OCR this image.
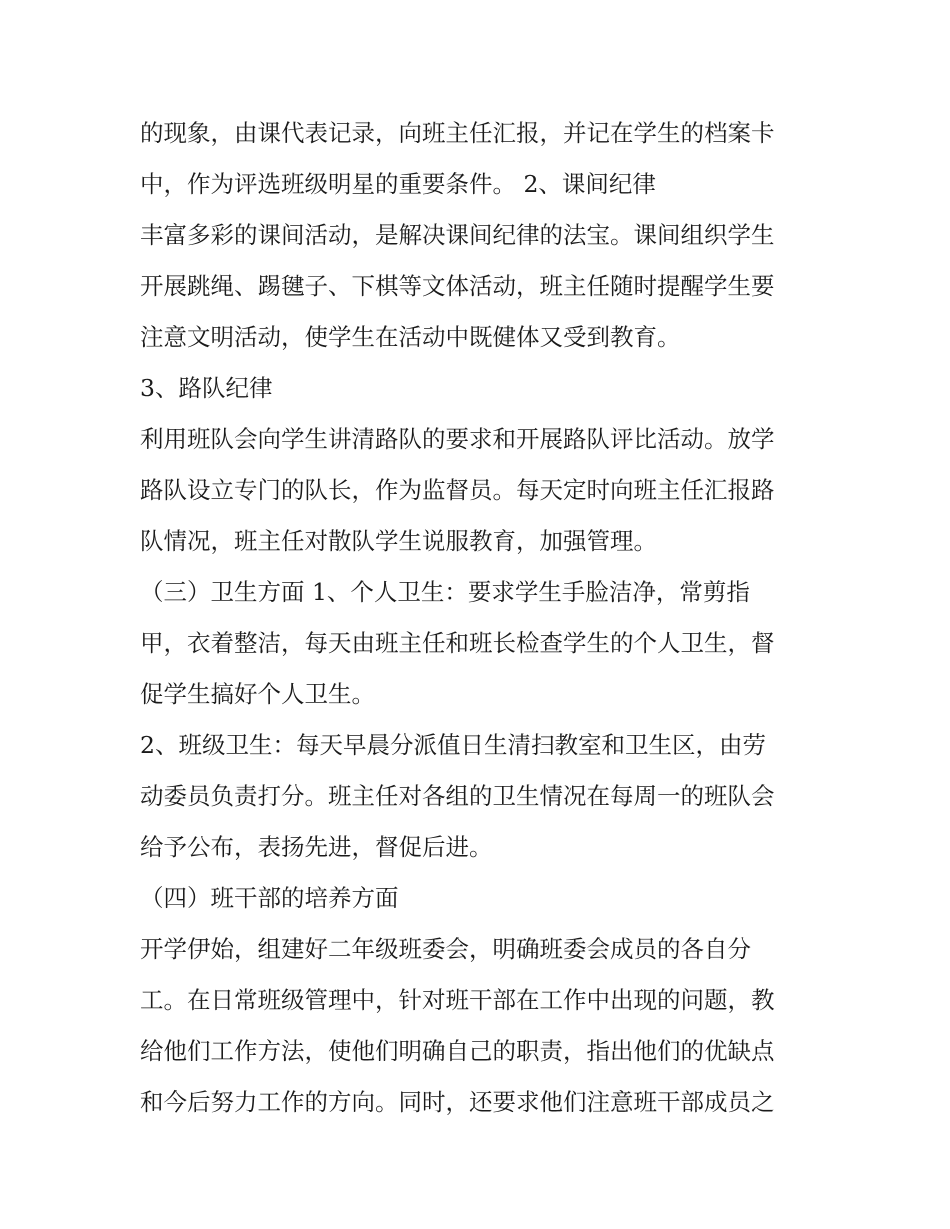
的现象，由课代表记录，向班主任汇报，并记在学生的档案卡
中，作为评选班级明星的重要条件。 2、课间纪律
丰富多彩的课间活动，是解决课间纪律的法宝。课间组织学生
开展跳绳、踢毽子、下棋等文体活动，班主任随时提醒学生要
注意文明活动，使学生在活动中既健体又受到教育。
3、路队纪律
利用班队会向学生讲清路队的要求和开展路队评比活动。放学
路队设立专门的队长，作为监督员。每天定时向班主任汇报路
队情况，班主任对散队学生说服教育，加强管理。
（三）卫生方面 1、个人卫生：要求学生手脸洁净，常剪指
甲，衣着整洁，每天由班主任和班长检查学生的个人卫生，督
促学生搞好个人卫生。
2、班级卫生：每天早晨分派值日生清扫教室和卫生区，由劳
动委员负责打分。班主任对各组的卫生情况在每周一的班队会
给予公布，表扬先进，督促后进。
（四）班干部的培养方面
开学伊始，组建好二年级班委会，明确班委会成员的各自分
工。在日常班级管理中，针对班干部在工作中出现的问题，教
给他们工作方法，使他们明确自己的职责，指出他们的优缺点
和今后努力工作的方向。同时，还要求他们注意班干部成员之
